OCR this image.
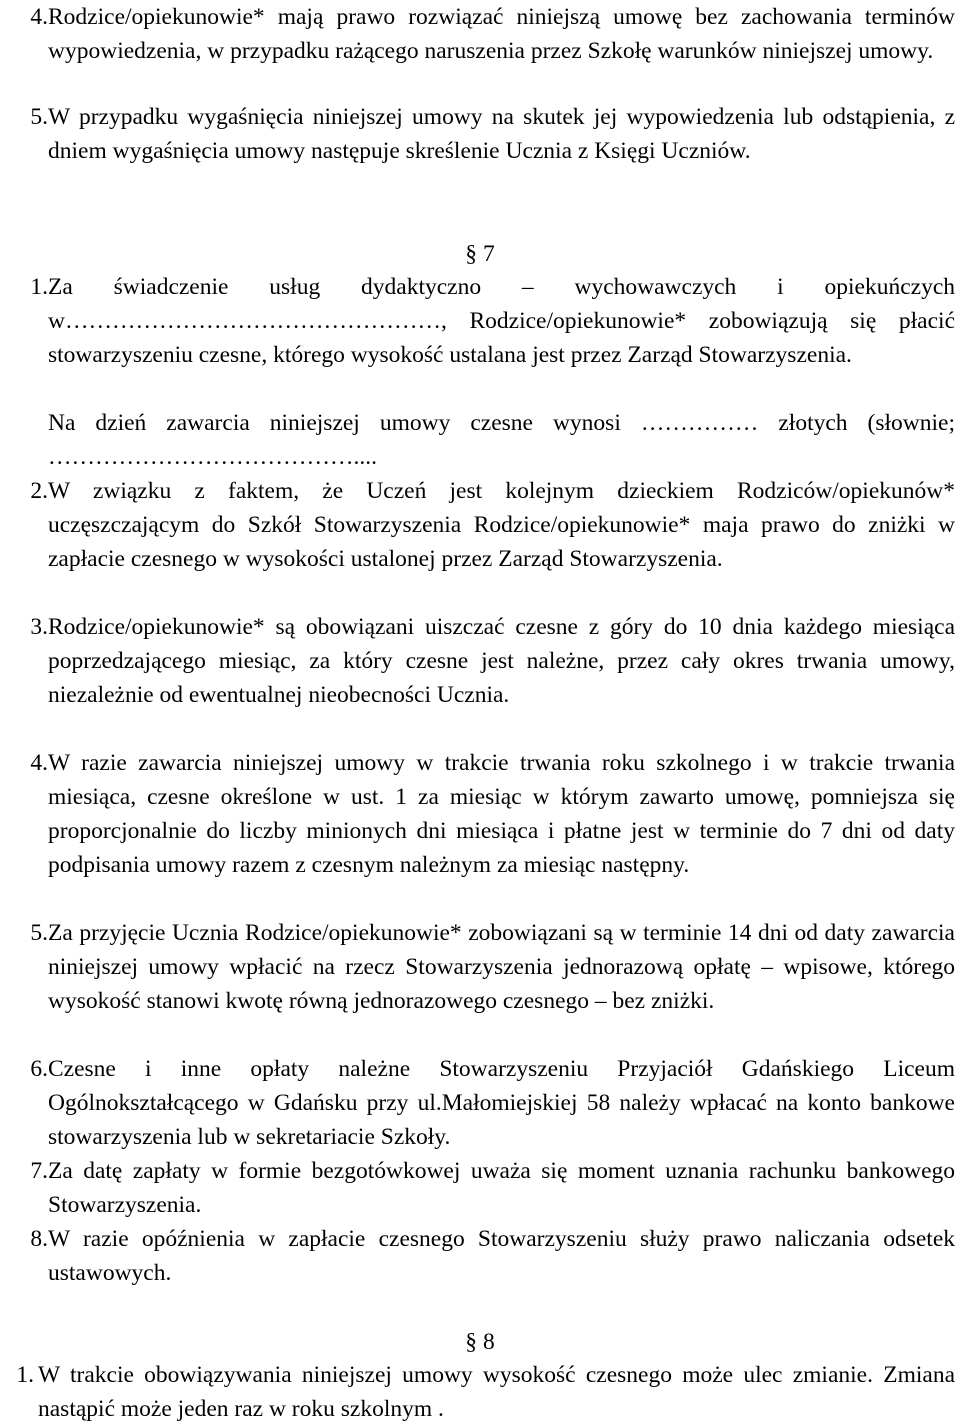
4. Rodzice/opiekunowie* mają prawo rozwiązać niniejszą umowę bez zachowania terminów wypowiedzenia, w przypadku rażącego naruszenia przez Szkołę warunków niniejszej umowy.
5. W przypadku wygaśnięcia niniejszej umowy na skutek jej wypowiedzenia lub odstąpienia, z dniem wygaśnięcia umowy następuje skreślenie Ucznia z Księgi Uczniów.
§ 7
1. Za świadczenie usług dydaktyczno – wychowawczych i opiekuńczych w…………………………………………, Rodzice/opiekunowie* zobowiązują się płacić stowarzyszeniu czesne, którego wysokość ustalana jest przez Zarząd Stowarzyszenia.
Na dzień zawarcia niniejszej umowy czesne wynosi …………… złotych (słownie; …………………………………....
2. W związku z faktem, że Uczeń jest kolejnym dzieckiem Rodziców/opiekunów* uczęszczającym do Szkół Stowarzyszenia Rodzice/opiekunowie* maja prawo do zniżki w zapłacie czesnego w wysokości ustalonej przez Zarząd Stowarzyszenia.
3. Rodzice/opiekunowie* są obowiązani uiszczać czesne z góry do 10 dnia każdego miesiąca poprzedzającego miesiąc, za który czesne jest należne, przez cały okres trwania umowy, niezależnie od ewentualnej nieobecności Ucznia.
4. W razie zawarcia niniejszej umowy w trakcie trwania roku szkolnego i w trakcie trwania miesiąca, czesne określone w ust. 1 za miesiąc w którym zawarto umowę, pomniejsza się proporcjonalnie do liczby minionych dni miesiąca i płatne jest w terminie do 7 dni od daty podpisania umowy razem z czesnym należnym za miesiąc następny.
5. Za przyjęcie Ucznia Rodzice/opiekunowie* zobowiązani są w terminie 14 dni od daty zawarcia niniejszej umowy wpłacić na rzecz Stowarzyszenia jednorazową opłatę – wpisowe, którego wysokość stanowi kwotę równą jednorazowego czesnego – bez zniżki.
6. Czesne i inne opłaty należne Stowarzyszeniu Przyjaciół Gdańskiego Liceum Ogólnokształcącego w Gdańsku przy ul.Małomiejskiej 58 należy wpłacać na konto bankowe stowarzyszenia lub w sekretariacie Szkoły.
7. Za datę zapłaty w formie bezgotówkowej uważa się moment uznania rachunku bankowego Stowarzyszenia.
8. W razie opóźnienia w zapłacie czesnego Stowarzyszeniu służy prawo naliczania odsetek ustawowych.
§ 8
1. W trakcie obowiązywania niniejszej umowy wysokość czesnego może ulec zmianie. Zmiana nastąpić może jeden raz w roku szkolnym .
